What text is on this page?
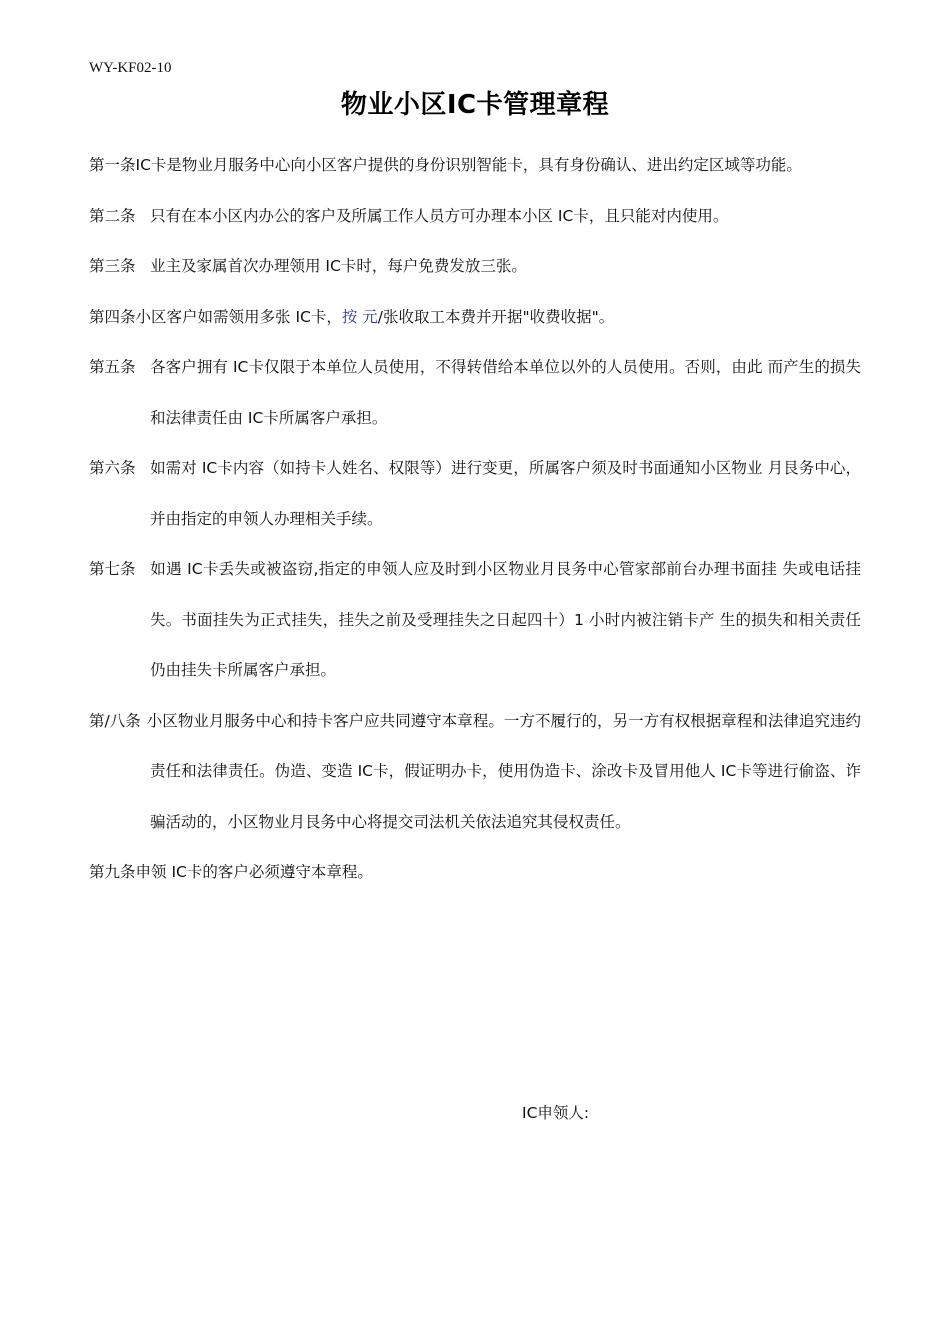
WY-KF02-10
物业小区IC卡管理章程
第一条IC卡是物业月服务中心向小区客户提供的身份识别智能卡，具有身份确认、进出约定区域等功能。
第二条 只有在本小区内办公的客户及所属工作人员方可办理本小区 IC卡，且只能对内使用。
第三条 业主及家属首次办理领用 IC卡时，每户免费发放三张。
第四条小区客户如需领用多张 IC卡，按 元/张收取工本费并开据"收费收据"。
第五条 各客户拥有 IC卡仅限于本单位人员使用，不得转借给本单位以外的人员使用。否则，由此 而产生的损失和法律责任由 IC卡所属客户承担。
第六条 如需对 IC卡内容（如持卡人姓名、权限等）进行变更，所属客户须及时书面通知小区物业 月艮务中心，并由指定的申领人办理相关手续。
第七条 如遇 IC卡丢失或被盗窃,指定的申领人应及时到小区物业月艮务中心管家部前台办理书面挂 失或电话挂失。书面挂失为正式挂失，挂失之前及受理挂失之日起四十）1 小时内被注销卡产 生的损失和相关责任仍由挂失卡所属客户承担。
第/八条 小区物业月服务中心和持卡客户应共同遵守本章程。一方不履行的，另一方有权根据章程和法律追究违约责任和法律责任。伪造、变造 IC卡，假证明办卡，使用伪造卡、涂改卡及冒用他人 IC卡等进行偷盗、诈骗活动的，小区物业月艮务中心将提交司法机关依法追究其侵权责任。
第九条申领 IC卡的客户必须遵守本章程。
IC申领人:
